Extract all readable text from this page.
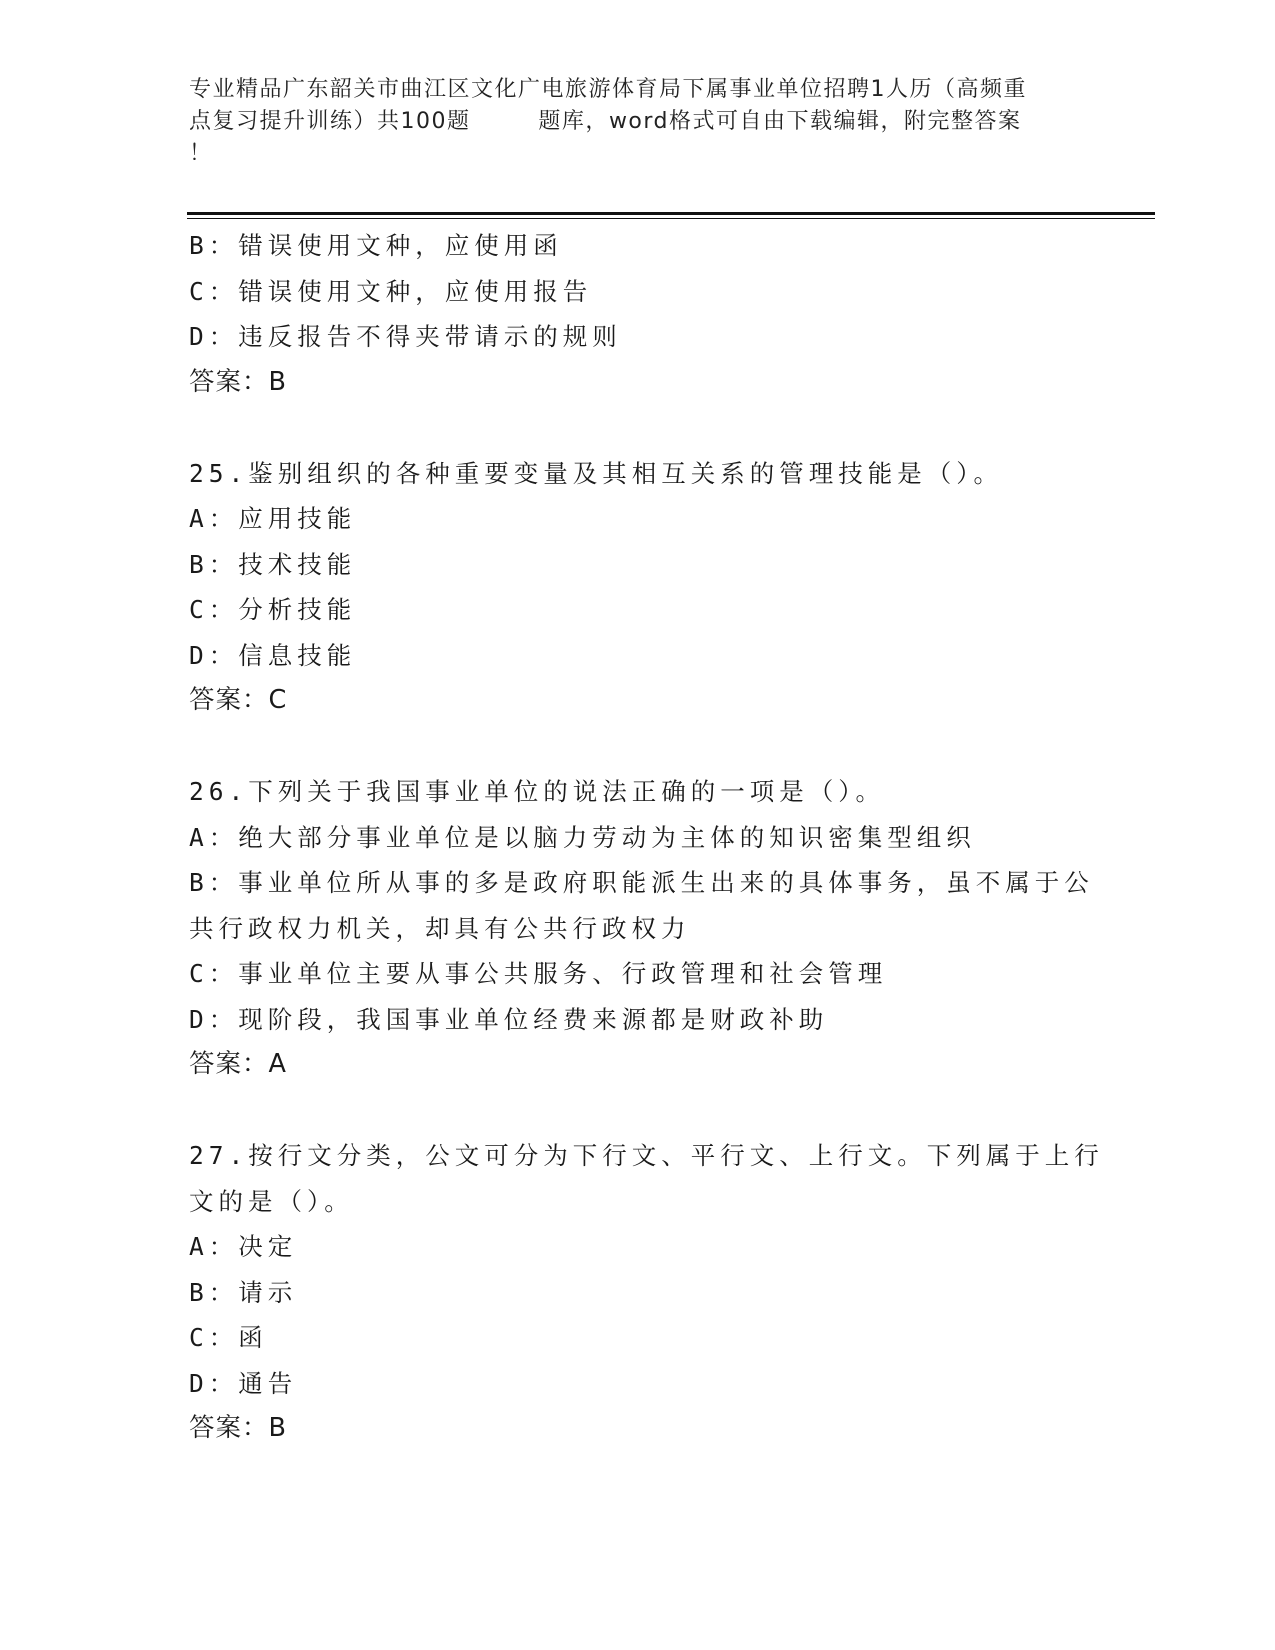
专业精品广东韶关市曲江区文化广电旅游体育局下属事业单位招聘1人历（高频重
点复习提升训练）共100题        题库，word格式可自由下载编辑，附完整答案
！
B：错误使用文种，应使用函
C：错误使用文种，应使用报告
D：违反报告不得夹带请示的规则
答案：B
25.鉴别组织的各种重要变量及其相互关系的管理技能是（）。
A：应用技能
B：技术技能
C：分析技能
D：信息技能
答案：C
26.下列关于我国事业单位的说法正确的一项是（）。
A：绝大部分事业单位是以脑力劳动为主体的知识密集型组织
B：事业单位所从事的多是政府职能派生出来的具体事务，虽不属于公
共行政权力机关，却具有公共行政权力
C：事业单位主要从事公共服务、行政管理和社会管理
D：现阶段，我国事业单位经费来源都是财政补助
答案：A
27.按行文分类，公文可分为下行文、平行文、上行文。下列属于上行
文的是（）。
A：决定
B：请示
C：函
D：通告
答案：B
